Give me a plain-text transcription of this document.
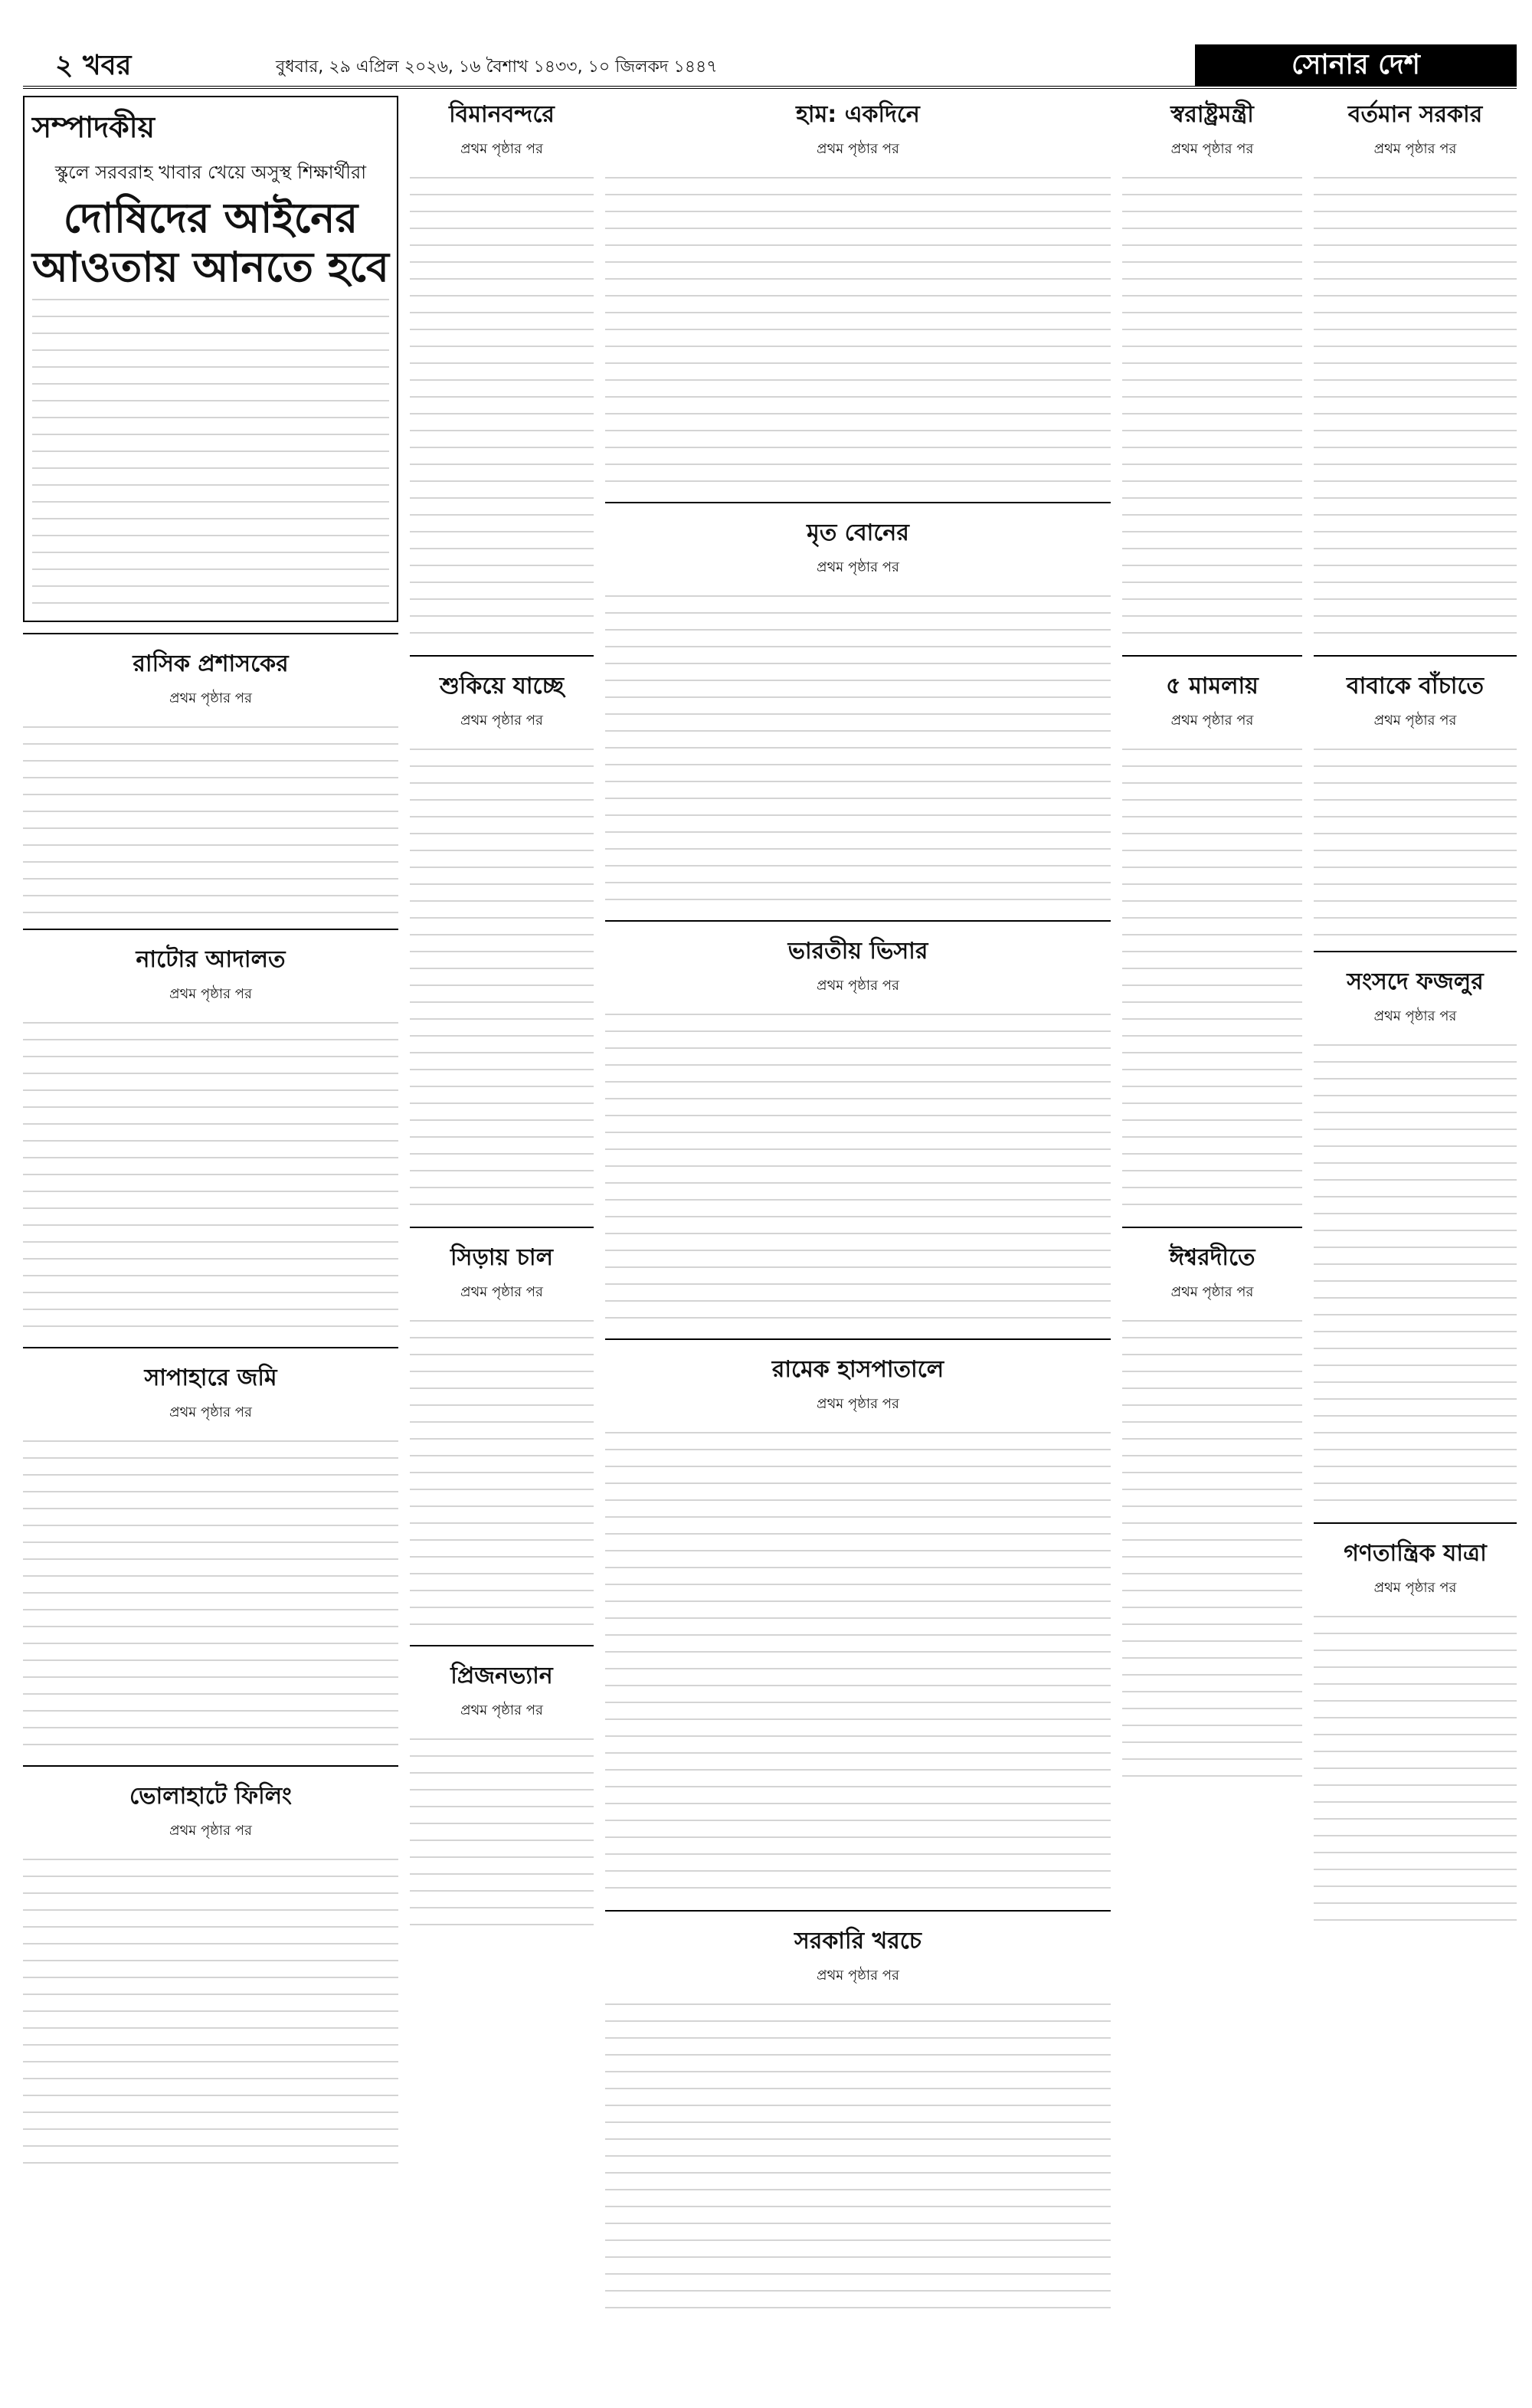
২ খবর	বুধবার, ২৯ এপ্রিল ২০২৬, ১৬ বৈশাখ ১৪৩৩, ১০ জিলকদ ১৪৪৭	সোনার দেশ
সম্পাদকীয়
স্কুলে সরবরাহ খাবার খেয়ে অসুস্থ শিক্ষার্থীরা
দোষিদের আইনের আওতায় আনতে হবে
রাসিক প্রশাসকের
প্রথম পৃষ্ঠার পর
নাটোর আদালত
প্রথম পৃষ্ঠার পর
সাপাহারে জমি
প্রথম পৃষ্ঠার পর
ভোলাহাটে ফিলিং
প্রথম পৃষ্ঠার পর
বিমানবন্দরে
প্রথম পৃষ্ঠার পর
শুকিয়ে যাচ্ছে
প্রথম পৃষ্ঠার পর
সিড়ায় চাল
প্রথম পৃষ্ঠার পর
প্রিজনভ্যান
প্রথম পৃষ্ঠার পর
হাম: একদিনে
প্রথম পৃষ্ঠার পর
মৃত বোনের
প্রথম পৃষ্ঠার পর
ভারতীয় ভিসার
প্রথম পৃষ্ঠার পর
রামেক হাসপাতালে
প্রথম পৃষ্ঠার পর
সরকারি খরচে
প্রথম পৃষ্ঠার পর
স্বরাষ্ট্রমন্ত্রী
প্রথম পৃষ্ঠার পর
৫ মামলায়
প্রথম পৃষ্ঠার পর
ঈশ্বরদীতে
প্রথম পৃষ্ঠার পর
বর্তমান সরকার
প্রথম পৃষ্ঠার পর
বাবাকে বাঁচাতে
প্রথম পৃষ্ঠার পর
সংসদে ফজলুর
প্রথম পৃষ্ঠার পর
গণতান্ত্রিক যাত্রা
প্রথম পৃষ্ঠার পর
